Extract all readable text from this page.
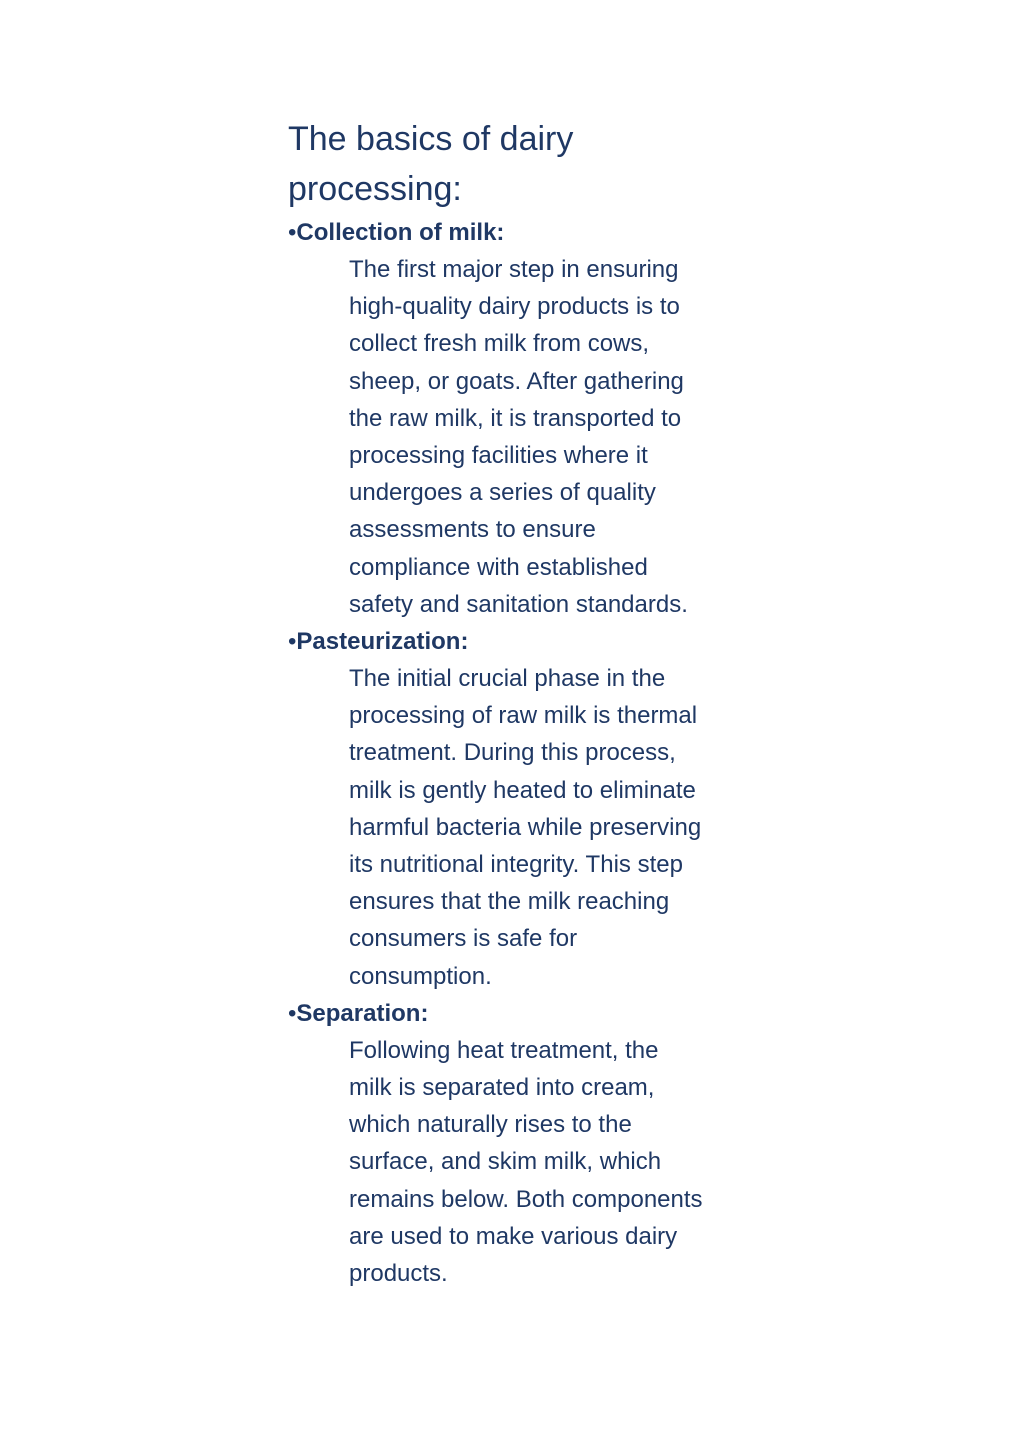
The basics of dairy processing:
•Collection of milk:
The first major step in ensuring
high-quality dairy products is to
collect fresh milk from cows,
sheep, or goats. After gathering
the raw milk, it is transported to
processing facilities where it
undergoes a series of quality
assessments to ensure
compliance with established
safety and sanitation standards.
•Pasteurization:
The initial crucial phase in the
processing of raw milk is thermal
treatment. During this process,
milk is gently heated to eliminate
harmful bacteria while preserving
its nutritional integrity. This step
ensures that the milk reaching
consumers is safe for
consumption.
•Separation:
Following heat treatment, the
milk is separated into cream,
which naturally rises to the
surface, and skim milk, which
remains below. Both components
are used to make various dairy
products.
